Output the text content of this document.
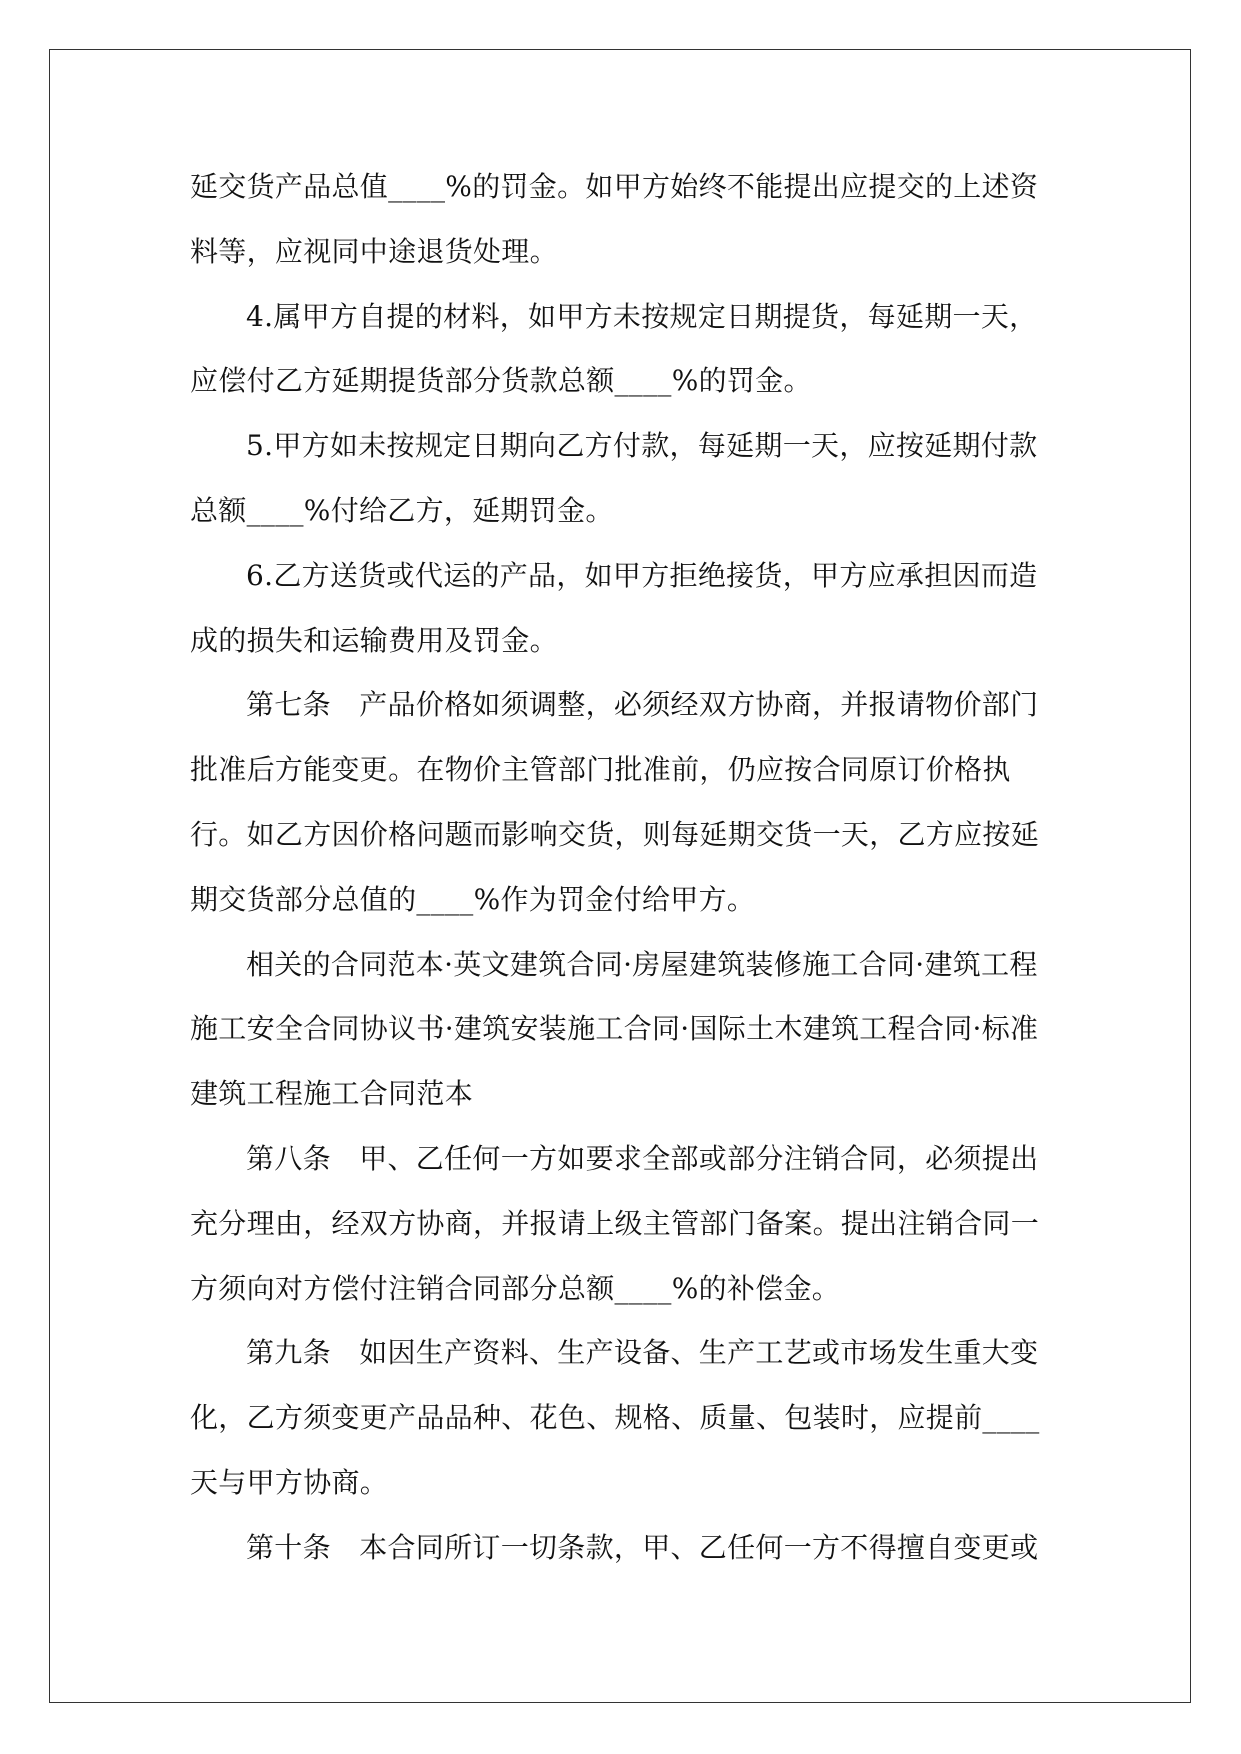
延交货产品总值____%的罚金。如甲方始终不能提出应提交的上述资料等，应视同中途退货处理。

4.属甲方自提的材料，如甲方未按规定日期提货，每延期一天，应偿付乙方延期提货部分货款总额____%的罚金。

5.甲方如未按规定日期向乙方付款，每延期一天，应按延期付款总额____%付给乙方，延期罚金。

6.乙方送货或代运的产品，如甲方拒绝接货，甲方应承担因而造成的损失和运输费用及罚金。

第七条　产品价格如须调整，必须经双方协商，并报请物价部门批准后方能变更。在物价主管部门批准前，仍应按合同原订价格执行。如乙方因价格问题而影响交货，则每延期交货一天，乙方应按延期交货部分总值的____%作为罚金付给甲方。

相关的合同范本·英文建筑合同·房屋建筑装修施工合同·建筑工程施工安全合同协议书·建筑安装施工合同·国际土木建筑工程合同·标准建筑工程施工合同范本

第八条　甲、乙任何一方如要求全部或部分注销合同，必须提出充分理由，经双方协商，并报请上级主管部门备案。提出注销合同一方须向对方偿付注销合同部分总额____%的补偿金。

第九条　如因生产资料、生产设备、生产工艺或市场发生重大变化，乙方须变更产品品种、花色、规格、质量、包装时，应提前____天与甲方协商。

第十条　本合同所订一切条款，甲、乙任何一方不得擅自变更或
